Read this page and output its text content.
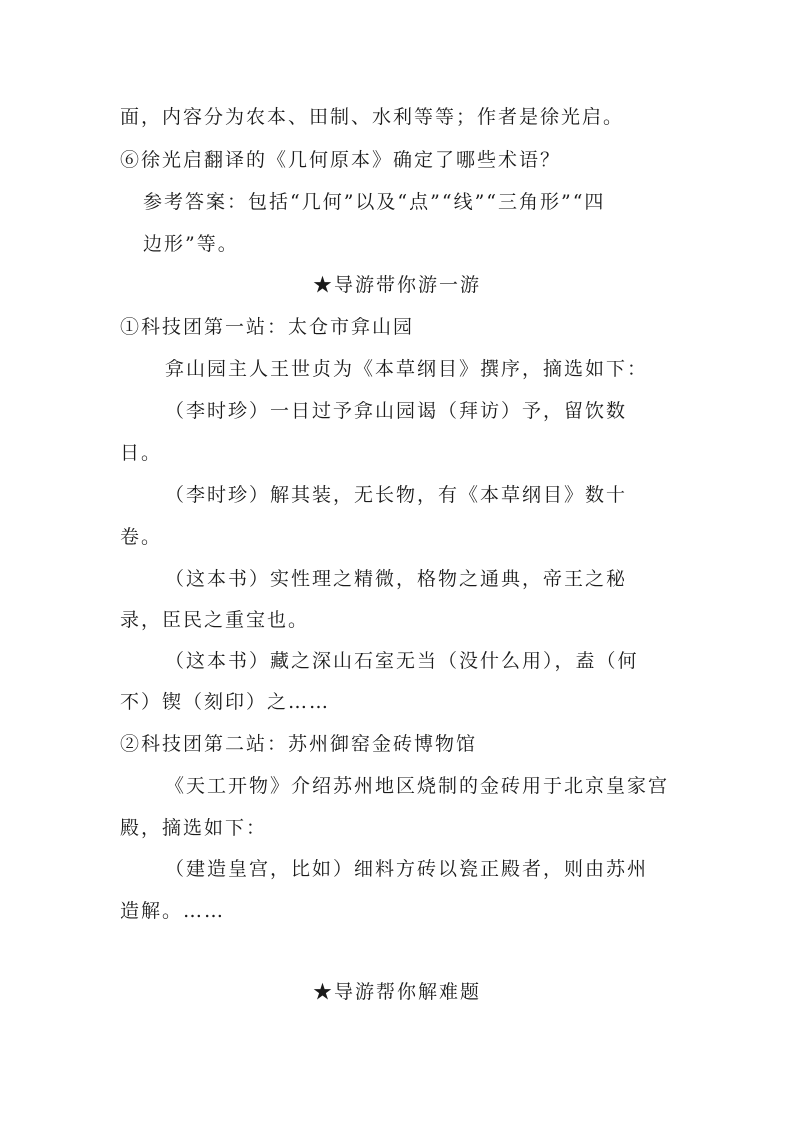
面，内容分为农本、田制、水利等等；作者是徐光启。
⑥徐光启翻译的《几何原本》确定了哪些术语？
参考答案：包括“几何”以及“点”“线”“三角形”“四
边形”等。
★导游带你游一游
①科技团第一站：太仓市弇山园
弇山园主人王世贞为《本草纲目》撰序，摘选如下：
（李时珍）一日过予弇山园谒（拜访）予，留饮数
日。
（李时珍）解其装，无长物，有《本草纲目》数十
卷。
（这本书）实性理之精微，格物之通典，帝王之秘
录，臣民之重宝也。
（这本书）藏之深山石室无当（没什么用），盍（何
不）锲（刻印）之……
②科技团第二站：苏州御窑金砖博物馆
《天工开物》介绍苏州地区烧制的金砖用于北京皇家宫
殿，摘选如下：
（建造皇宫，比如）细料方砖以瓷正殿者，则由苏州
造解。……
★导游帮你解难题
